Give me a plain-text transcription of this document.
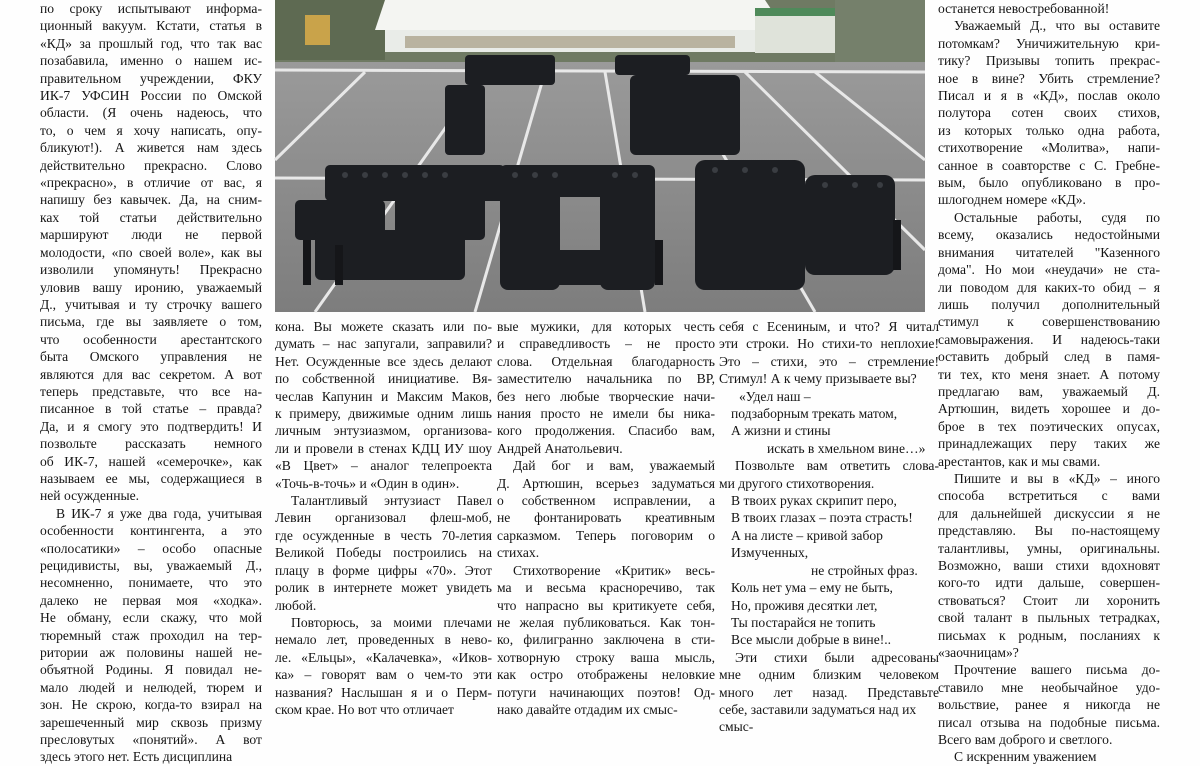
по сроку испытывают информа-

ционный вакуум. Кстати, статья в

«КД» за прошлый год, что так вас

позабавила, именно о нашем ис-

правительном учреждении, ФКУ

ИК-7 УФСИН России по Омской

области. (Я очень надеюсь, что

то, о чем я хочу написать, опу-

бликуют!). А живется нам здесь

действительно прекрасно. Слово

«прекрасно», в отличие от вас, я

напишу без кавычек. Да, на сним-

ках той статьи действительно

маршируют люди не первой

молодости, «по своей воле», как вы

изволили упомянуть! Прекрасно

уловив вашу иронию, уважаемый

Д., учитывая и ту строчку вашего

письма, где вы заявляете о том,

что особенности арестантского

быта Омского управления не

являются для вас секретом. А вот

теперь представьте, что все на-

писанное в той статье – правда?

Да, и я смогу это подтвердить! И

позвольте рассказать немного

об ИК-7, нашей «семерочке», как

называем ее мы, содержащиеся в

ней осужденные.

В ИК-7 я уже два года, учитывая

особенности контингента, а это

«полосатики» – особо опасные

рецидивисты, вы, уважаемый Д.,

несомненно, понимаете, что это

далеко не первая моя «ходка».

Не обману, если скажу, что мой

тюремный стаж проходил на тер-

ритории аж половины нашей не-

объятной Родины. Я повидал не-

мало людей и нелюдей, тюрем и

зон. Не скрою, когда-то взирал на

зарешеченный мир сквозь призму

пресловутых «понятий». А вот

здесь этого нет. Есть дисциплина

кона. Вы можете сказать или по-

думать – нас запугали, заправили?

Нет. Осужденные все здесь делают

по собственной инициативе. Вя-

чеслав Капунин и Максим Маков,

к примеру, движимые одним лишь

личным энтузиазмом, организова-

ли и провели в стенах КДЦ ИУ шоу

«В Цвет» – аналог телепроекта

«Точь-в-точь» и «Один в один».

Талантливый энтузиаст Павел

Левин организовал флеш-моб,

где осужденные в честь 70-летия

Великой Победы построились на

плацу в форме цифры «70». Этот

ролик в интернете может увидеть

любой.

Повторюсь, за моими плечами

немало лет, проведенных в нево-

ле. «Ельцы», «Калачевка», «Иков-

ка» – говорят вам о чем-то эти

названия? Наслышан я и о Перм-

ском крае. Но вот что отличает

вые мужики, для которых честь

и справедливость – не просто

слова. Отдельная благодарность

заместителю начальника по ВР,

без него любые творческие начи-

нания просто не имели бы ника-

кого продолжения. Спасибо вам,

Андрей Анатольевич.

Дай бог и вам, уважаемый

Д. Артюшин, всерьез задуматься

о собственном исправлении, а

не фонтанировать креативным

сарказмом. Теперь поговорим о

стихах.

Стихотворение «Критик» весь-

ма и весьма красноречиво, так

что напрасно вы критикуете себя,

не желая публиковаться. Как тон-

ко, филигранно заключена в сти-

хотворную строку ваша мысль,

как остро отображены неловкие

потуги начинающих поэтов! Од-

нако давайте отдадим их смыс-

себя с Есениным, и что? Я читал

эти строки. Но стихи-то неплохие!

Это – стихи, это – стремление!

Стимул! А к чему призываете вы?

«Удел наш –
подзаборным трекать матом,
А жизни и стины
искать в хмельном вине…»

Позвольте вам ответить слова-

ми другого стихотворения.

В твоих руках скрипит перо,
В твоих глазах – поэта страсть!
А на листе – кривой забор
Измученных,
не стройных фраз.
Коль нет ума – ему не быть,
Но, проживя десятки лет,
Ты постарайся не топить
Все мысли добрые в вине!..

Эти стихи были адресованы

мне одним близким человеком

много лет назад. Представьте

себе, заставили задуматься над их смыс-

останется невостребованной!

Уважаемый Д., что вы оставите

потомкам? Уничижительную кри-

тику? Призывы топить прекрас-

ное в вине? Убить стремление?

Писал и я в «КД», послав около

полутора сотен своих стихов,

из которых только одна работа,

стихотворение «Молитва», напи-

санное в соавторстве с С. Гребне-

вым, было опубликовано в про-

шлогоднем номере «КД».

Остальные работы, судя по

всему, оказались недостойными

внимания читателей "Казенного

дома". Но мои «неудачи» не ста-

ли поводом для каких-то обид – я

лишь получил дополнительный

стимул к совершенствованию

самовыражения. И надеюсь-таки

оставить добрый след в памя-

ти тех, кто меня знает. А потому

предлагаю вам, уважаемый Д.

Артюшин, видеть хорошее и до-

брое в тех поэтических опусах,

принадлежащих перу таких же

арестантов, как и мы свами.

Пишите и вы в «КД» – иного

способа встретиться с вами

для дальнейшей дискуссии я не

представляю. Вы по-настоящему

талантливы, умны, оригинальны.

Возможно, ваши стихи вдохновят

кого-то идти дальше, совершен-

ствоваться? Стоит ли хоронить

свой талант в пыльных тетрадках,

письмах к родным, посланиях к

«заочницам»?

Прочтение вашего письма до-

ставило мне необычайное удо-

вольствие, ранее я никогда не

писал отзыва на подобные письма.

Всего вам доброго и светлого.

С искренним уважением
